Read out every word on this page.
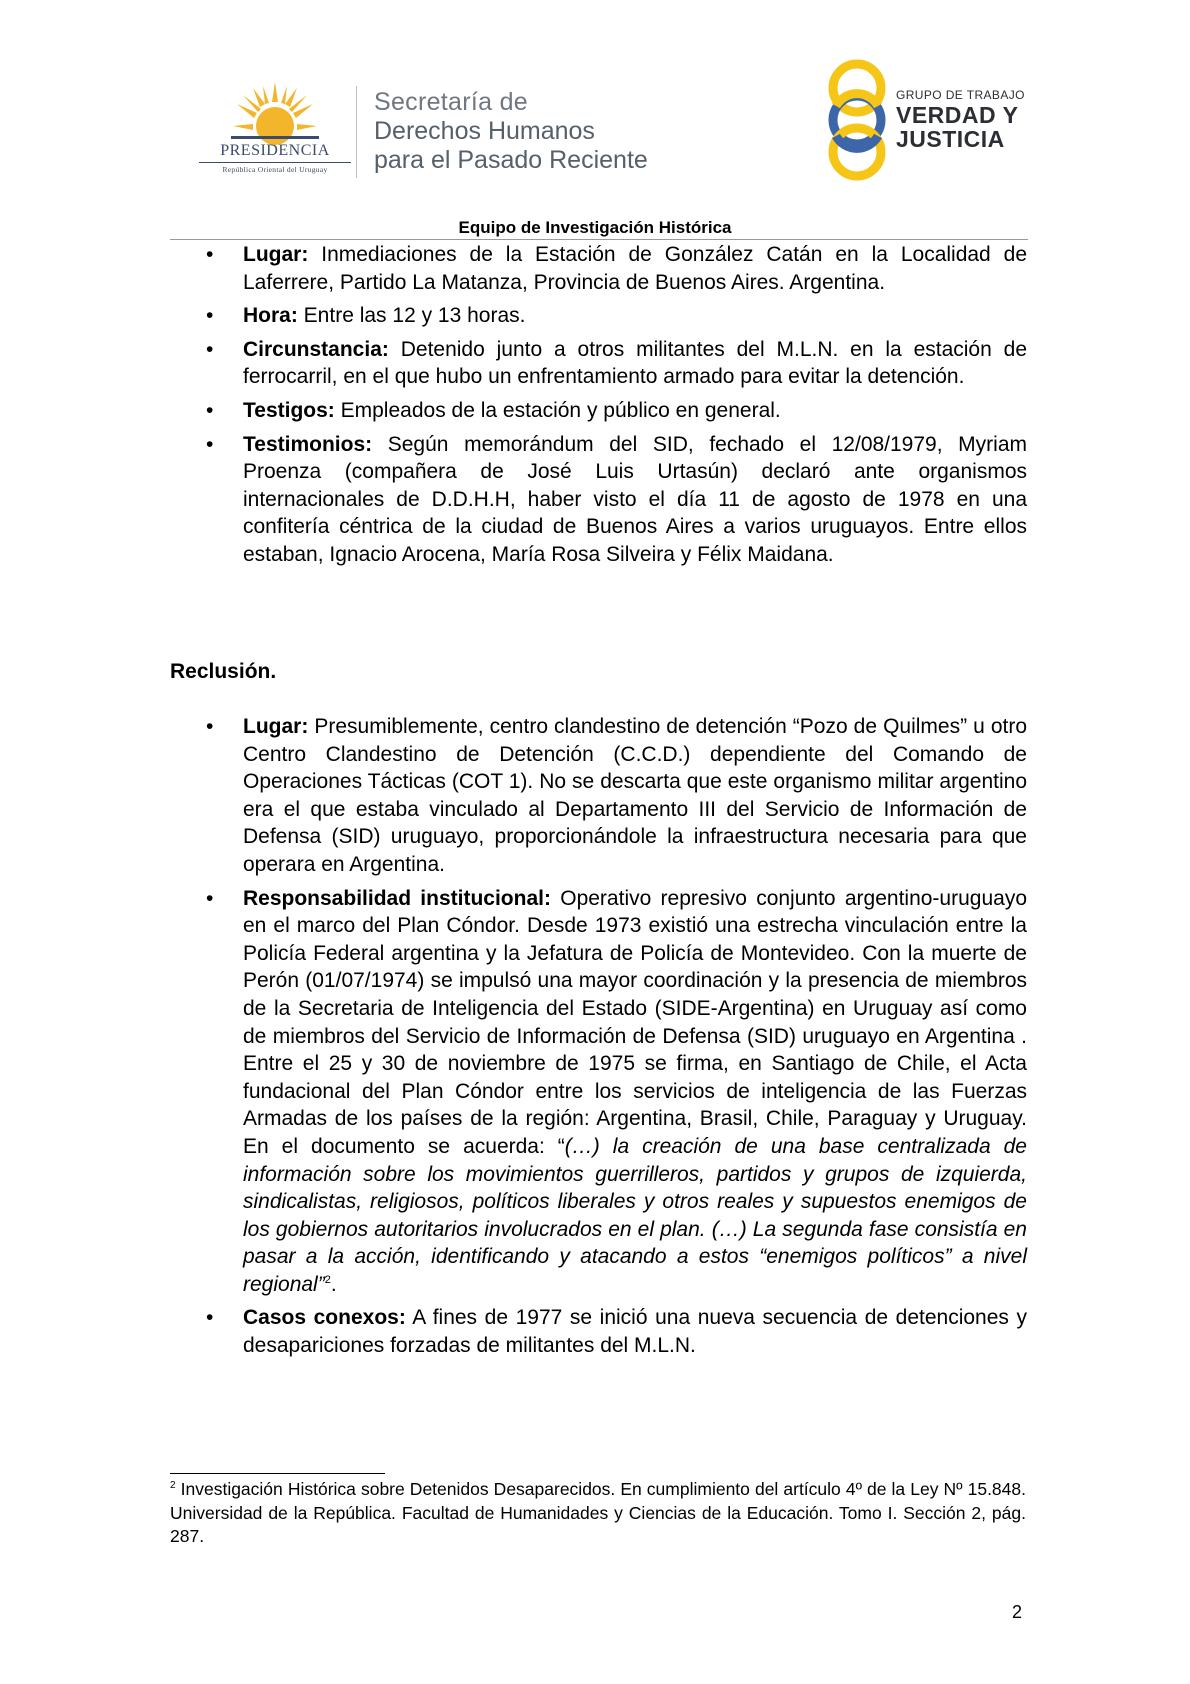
PRESIDENCIA
República Oriental del Uruguay
Secretaría de
Derechos Humanos
para el Pasado Reciente
GRUPO DE TRABAJO
VERDAD Y
JUSTICIA
Equipo de Investigación Histórica
• Lugar: Inmediaciones de la Estación de González Catán en la Localidad de Laferrere, Partido La Matanza, Provincia de Buenos Aires. Argentina.
• Hora: Entre las 12 y 13 horas.
• Circunstancia: Detenido junto a otros militantes del M.L.N. en la estación de ferrocarril, en el que hubo un enfrentamiento armado para evitar la detención.
• Testigos: Empleados de la estación y público en general.
• Testimonios: Según memorándum del SID, fechado el 12/08/1979, Myriam Proenza (compañera de José Luis Urtasún) declaró ante organismos internacionales de D.D.H.H, haber visto el día 11 de agosto de 1978 en una confitería céntrica de la ciudad de Buenos Aires a varios uruguayos. Entre ellos estaban, Ignacio Arocena, María Rosa Silveira y Félix Maidana.
Reclusión.
• Lugar: Presumiblemente, centro clandestino de detención “Pozo de Quilmes” u otro Centro Clandestino de Detención (C.C.D.) dependiente del Comando de Operaciones Tácticas (COT 1). No se descarta que este organismo militar argentino era el que estaba vinculado al Departamento III del Servicio de Información de Defensa (SID) uruguayo, proporcionándole la infraestructura necesaria para que operara en Argentina.
• Responsabilidad institucional: Operativo represivo conjunto argentino-uruguayo en el marco del Plan Cóndor. Desde 1973 existió una estrecha vinculación entre la Policía Federal argentina y la Jefatura de Policía de Montevideo. Con la muerte de Perón (01/07/1974) se impulsó una mayor coordinación y la presencia de miembros de la Secretaria de Inteligencia del Estado (SIDE-Argentina) en Uruguay así como de miembros del Servicio de Información de Defensa (SID) uruguayo en Argentina . Entre el 25 y 30 de noviembre de 1975 se firma, en Santiago de Chile, el Acta fundacional del Plan Cóndor entre los servicios de inteligencia de las Fuerzas Armadas de los países de la región: Argentina, Brasil, Chile, Paraguay y Uruguay. En el documento se acuerda: “(…) la creación de una base centralizada de información sobre los movimientos guerrilleros, partidos y grupos de izquierda, sindicalistas, religiosos, políticos liberales y otros reales y supuestos enemigos de los gobiernos autoritarios involucrados en el plan. (…) La segunda fase consistía en pasar a la acción, identificando y atacando a estos “enemigos políticos” a nivel regional”$^2$.
• Casos conexos: A fines de 1977 se inició una nueva secuencia de detenciones y desapariciones forzadas de militantes del M.L.N.
$^2$ Investigación Histórica sobre Detenidos Desaparecidos. En cumplimiento del artículo 4º de la Ley Nº 15.848. Universidad de la República. Facultad de Humanidades y Ciencias de la Educación. Tomo I. Sección 2, pág. 287.
2
